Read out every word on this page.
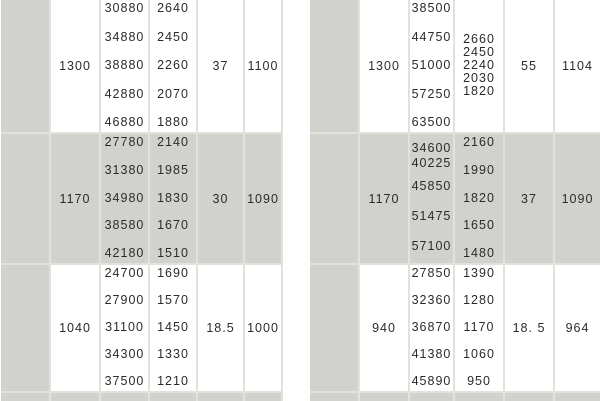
1300
30880
34880
38880
42880
46880
2640
2450
2260
2070
1880
37 1100
1170
27780
31380
34980
38580
42180
2140
1985
1830
1670
1510
30 1090
1040
24700
27900
31100
34300
37500
1690
1570
1450
1330
1210
18.5 1000
1300
38500
44750
51000
57250
63500
2660
2450
2240
2030
1820
55 1104
1170
34600
40225
45850
51475
57100
2160
1990
1820
1650
1480
37 1090
940
27850
32360
36870
41380
45890
1390
1280
1170
1060
950
18. 5 964
